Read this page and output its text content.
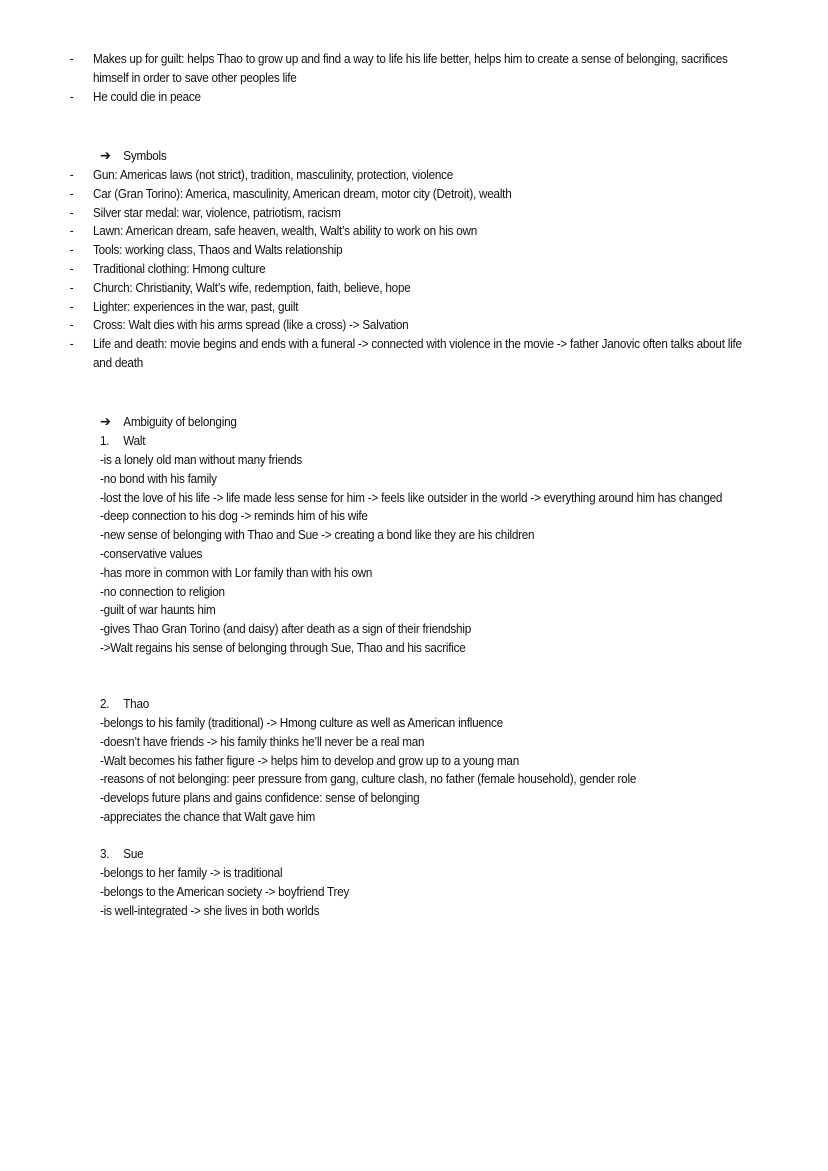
- Makes up for guilt: helps Thao to grow up and find a way to life his life better, helps him to create a sense of belonging, sacrifices himself in order to save other peoples life
- He could die in peace
➔ Symbols
- Gun: Americas laws (not strict), tradition, masculinity, protection, violence
- Car (Gran Torino): America, masculinity, American dream, motor city (Detroit), wealth
- Silver star medal: war, violence, patriotism, racism
- Lawn: American dream, safe heaven, wealth, Walt’s ability to work on his own
- Tools: working class, Thaos and Walts relationship
- Traditional clothing: Hmong culture
- Church: Christianity, Walt’s wife, redemption, faith, believe, hope
- Lighter: experiences in the war, past, guilt
- Cross: Walt dies with his arms spread (like a cross) -> Salvation
- Life and death: movie begins and ends with a funeral -> connected with violence in the movie -> father Janovic often talks about life and death
➔ Ambiguity of belonging
1. Walt
-is a lonely old man without many friends
-no bond with his family
-lost the love of his life -> life made less sense for him -> feels like outsider in the world -> everything around him has changed
-deep connection to his dog -> reminds him of his wife
-new sense of belonging with Thao and Sue -> creating a bond like they are his children
-conservative values
-has more in common with Lor family than with his own
-no connection to religion
-guilt of war haunts him
-gives Thao Gran Torino (and daisy) after death as a sign of their friendship
->Walt regains his sense of belonging through Sue, Thao and his sacrifice
2. Thao
-belongs to his family (traditional) -> Hmong culture as well as American influence
-doesn’t have friends -> his family thinks he’ll never be a real man
-Walt becomes his father figure -> helps him to develop and grow up to a young man
-reasons of not belonging: peer pressure from gang, culture clash, no father (female household), gender role
-develops future plans and gains confidence: sense of belonging
-appreciates the chance that Walt gave him
3. Sue
-belongs to her family -> is traditional
-belongs to the American society -> boyfriend Trey
-is well-integrated -> she lives in both worlds
